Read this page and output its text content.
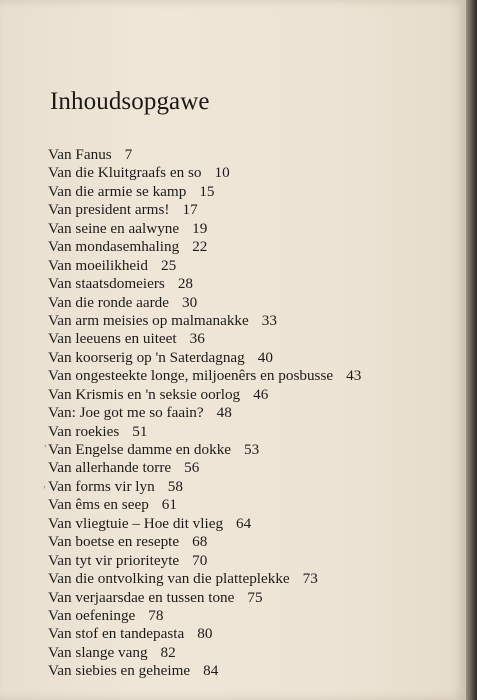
Inhoudsopgawe
Van Fanus 7
Van die Kluitgraafs en so 10
Van die armie se kamp 15
Van president arms! 17
Van seine en aalwyne 19
Van mondasemhaling 22
Van moeilikheid 25
Van staatsdomeiers 28
Van die ronde aarde 30
Van arm meisies op malmanakke 33
Van leeuens en uiteet 36
Van koorserig op 'n Saterdagnag 40
Van ongesteekte longe, miljoenêrs en posbusse 43
Van Krismis en 'n seksie oorlog 46
Van: Joe got me so faain? 48
Van roekies 51
Van Engelse damme en dokke 53
Van allerhande torre 56
Van forms vir lyn 58
Van êms en seep 61
Van vliegtuie – Hoe dit vlieg 64
Van boetse en resepte 68
Van tyt vir prioriteyte 70
Van die ontvolking van die platteplekke 73
Van verjaarsdae en tussen tone 75
Van oefeninge 78
Van stof en tandepasta 80
Van slange vang 82
Van siebies en geheime 84
,
,
